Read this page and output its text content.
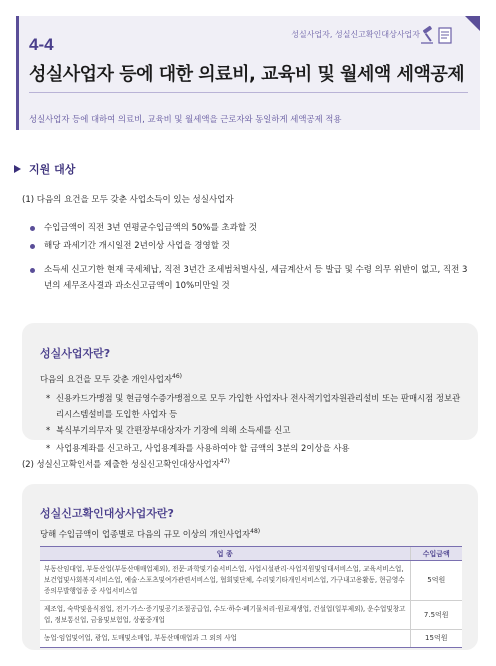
4-4
성실사업자, 성실신고확인대상사업자
성실사업자 등에 대한 의료비, 교육비 및 월세액 세액공제
성실사업자 등에 대하여 의료비, 교육비 및 월세액을 근로자와 동일하게 세액공제 적용
지원 대상
(1) 다음의 요건을 모두 갖춘 사업소득이 있는 성실사업자
수입금액이 직전 3년 연평균수입금액의 50%를 초과할 것
해당 과세기간 개시일전 2년이상 사업을 경영할 것
소득세 신고기한 현재 국세체납, 직전 3년간 조세범처벌사실, 세금계산서 등 발급 및 수령 의무 위반이 없고, 직전 3년의 세무조사결과 과소신고금액이 10%미만일 것
성실사업자란?
다음의 요건을 모두 갖춘 개인사업자$^{46)}$
* 신용카드가맹점 및 현금영수증가맹점으로 모두 가입한 사업자나 전사적기업자원관리설비 또는 판매시점 정보관리시스템설비를 도입한 사업자 등
* 복식부기의무자 및 간편장부대상자가 기장에 의해 소득세를 신고
* 사업용계좌를 신고하고, 사업용계좌를 사용하여야 할 금액의 3분의 2이상을 사용
(2) 성실신고확인서를 제출한 성실신고확인대상사업자$^{47)}$
성실신고확인대상사업자란?
당해 수입금액이 업종별로 다음의 규모 이상의 개인사업자$^{48)}$
업 종	수입금액
부동산임대업, 부동산업(부동산매매업제외), 전문·과학및기술서비스업, 사업시설관리·사업지원및임대서비스업, 교육서비스업, 보건업및사회복지서비스업, 예술·스포츠및여가관련서비스업, 협회및단체, 수리및기타개인서비스업, 가구내고용활동, 현금영수증의무발행업종 중 사업서비스업	5억원
제조업, 숙박및음식점업, 전기·가스·증기및공기조절공급업, 수도·하수·폐기물처리·원료재생업, 건설업(일부제외), 운수업및창고업, 정보통신업, 금융및보험업, 상품중개업	7.5억원
농업·임업및어업, 광업, 도매및소매업, 부동산매매업과 그 외의 사업	15억원
